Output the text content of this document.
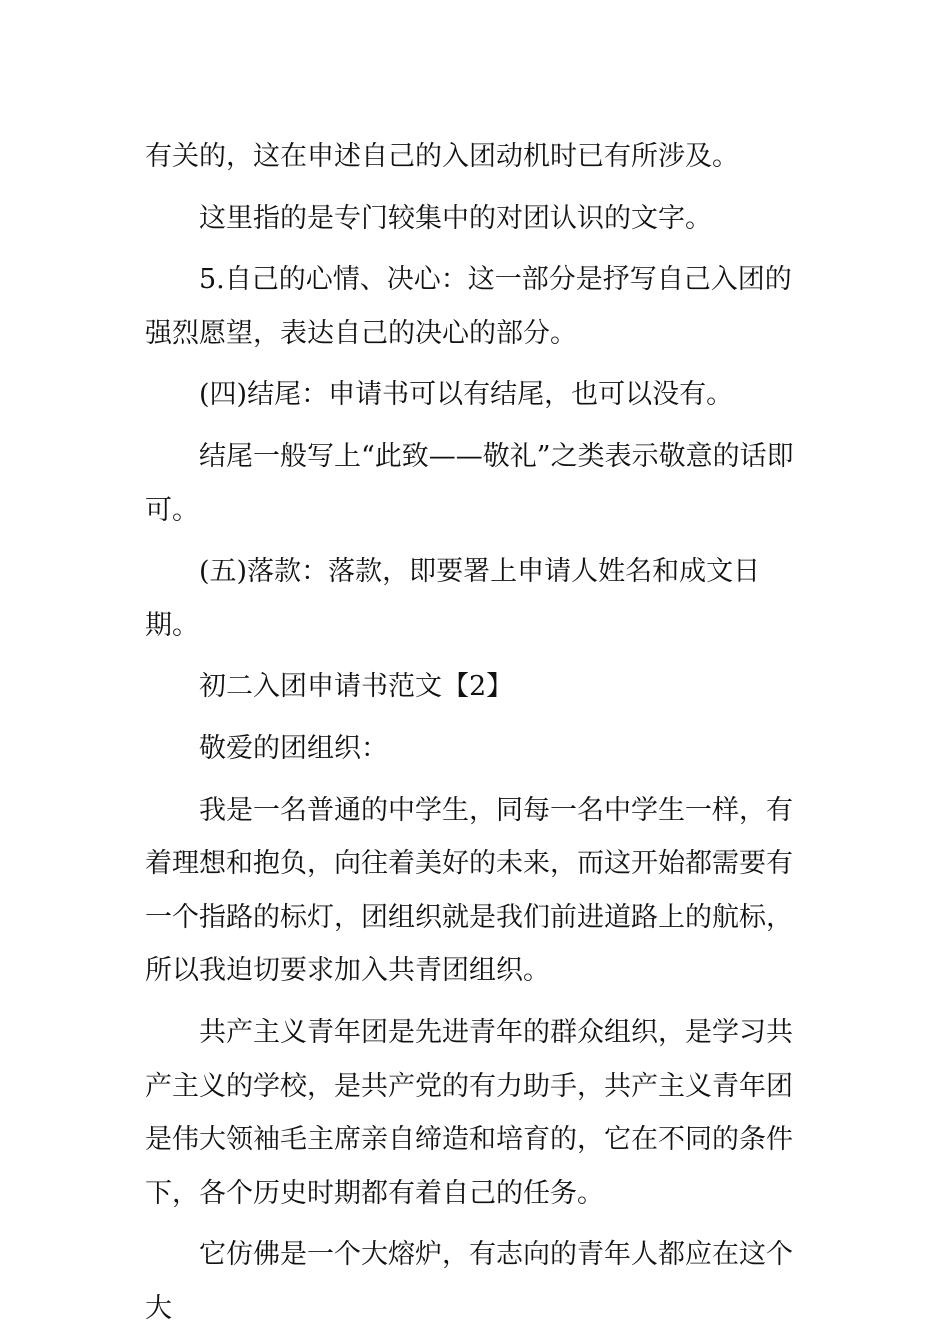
有关的，这在申述自己的入团动机时已有所涉及。

这里指的是专门较集中的对团认识的文字。

5.自己的心情、决心：这一部分是抒写自己入团的强烈愿望，表达自己的决心的部分。

(四)结尾：申请书可以有结尾，也可以没有。

结尾一般写上“此致——敬礼”之类表示敬意的话即可。

(五)落款：落款，即要署上申请人姓名和成文日期。

初二入团申请书范文【2】

敬爱的团组织：

我是一名普通的中学生，同每一名中学生一样，有着理想和抱负，向往着美好的未来，而这开始都需要有一个指路的标灯，团组织就是我们前进道路上的航标，所以我迫切要求加入共青团组织。

共产主义青年团是先进青年的群众组织，是学习共产主义的学校，是共产党的有力助手，共产主义青年团是伟大领袖毛主席亲自缔造和培育的，它在不同的条件下，各个历史时期都有着自己的任务。

它仿佛是一个大熔炉，有志向的青年人都应在这个大
